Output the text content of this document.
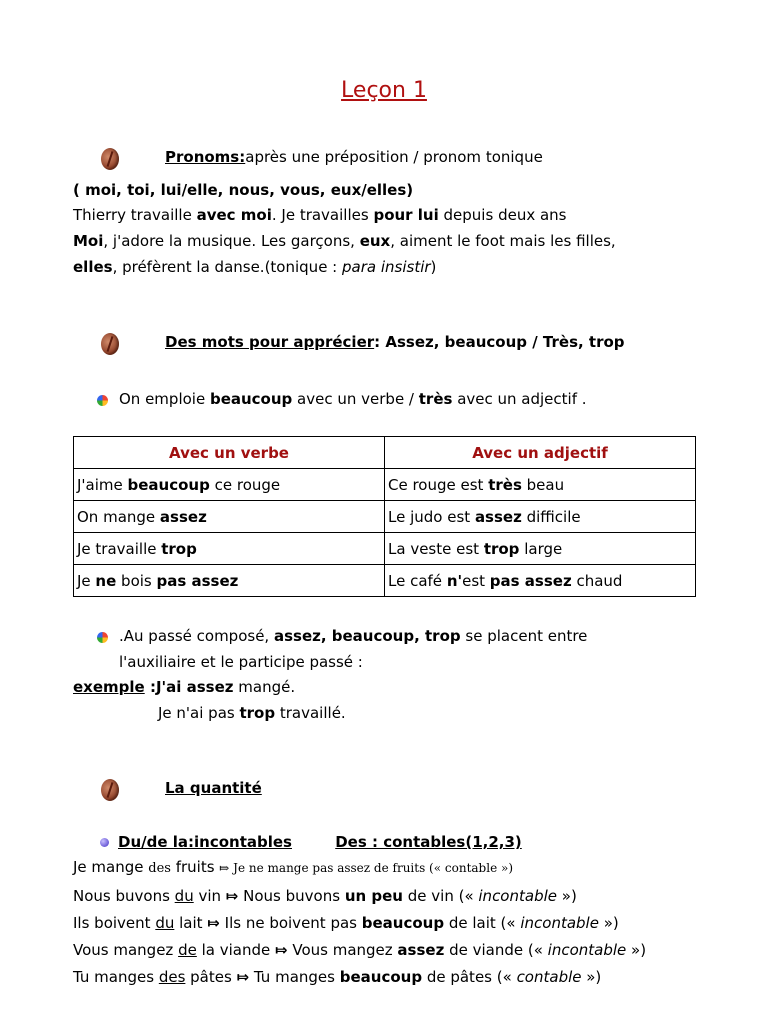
Leçon 1
Pronoms:après une préposition / pronom tonique
( moi, toi, lui/elle, nous, vous, eux/elles)
Thierry travaille avec moi. Je travailles pour lui depuis deux ans
Moi, j'adore la musique. Les garçons, eux, aiment le foot mais les filles,
elles, préfèrent la danse.(tonique : para insistir)
Des mots pour apprécier: Assez, beaucoup / Très, trop
On emploie beaucoup avec un verbe / très avec un adjectif .
Avec un verbe	Avec un adjectif
J'aime beaucoup ce rouge	Ce rouge est très beau
On mange assez	Le judo est assez difficile
Je travaille trop	La veste est trop large
Je ne bois pas assez	Le café n'est pas assez chaud
.Au passé composé, assez, beaucoup, trop se placent entre
l'auxiliaire et le participe passé :
exemple :J'ai assez mangé.
Je n'ai pas trop travaillé.
La quantité
Du/de la:incontables	Des : contables(1,2,3)
Je mange des fruits ⤇ Je ne mange pas assez de fruits (« contable »)
Nous buvons du vin ⤇ Nous buvons un peu de vin (« incontable »)
Ils boivent du lait ⤇ Ils ne boivent pas beaucoup de lait (« incontable »)
Vous mangez de la viande ⤇ Vous mangez assez de viande (« incontable »)
Tu manges des pâtes ⤇ Tu manges beaucoup de pâtes (« contable »)
